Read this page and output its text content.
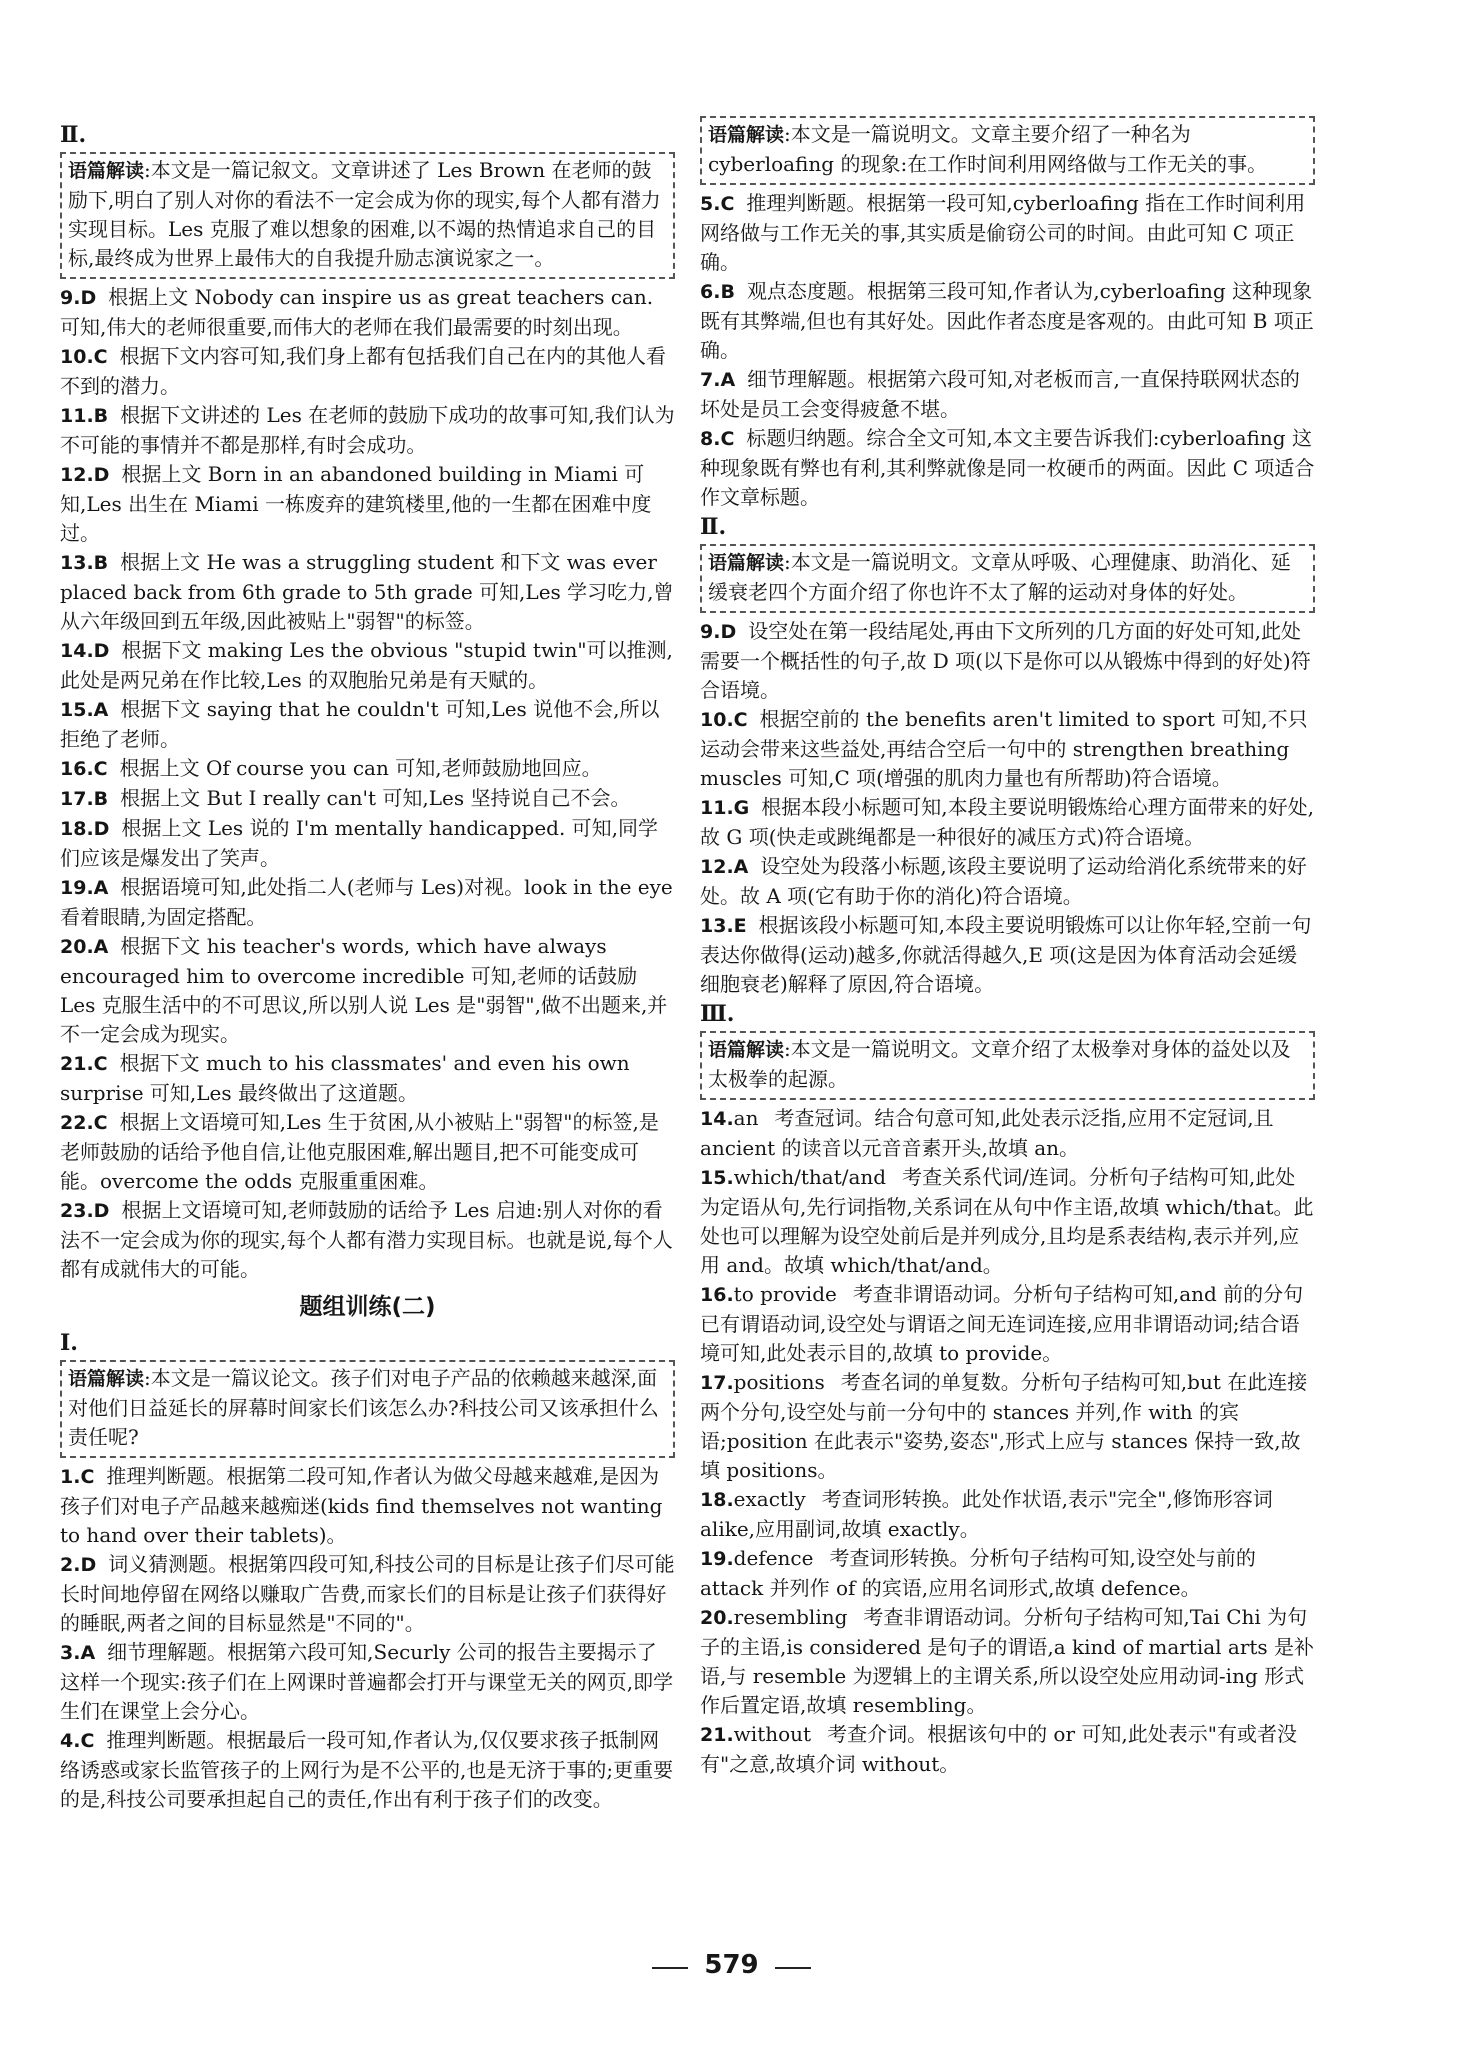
Ⅱ.

语篇解读:本文是一篇记叙文。文章讲述了 Les Brown 在老师的鼓励下,明白了别人对你的看法不一定会成为你的现实,每个人都有潜力实现目标。Les 克服了难以想象的困难,以不竭的热情追求自己的目标,最终成为世界上最伟大的自我提升励志演说家之一。

9.D 根据上文 Nobody can inspire us as great teachers can. 可知,伟大的老师很重要,而伟大的老师在我们最需要的时刻出现。

10.C 根据下文内容可知,我们身上都有包括我们自己在内的其他人看不到的潜力。

11.B 根据下文讲述的 Les 在老师的鼓励下成功的故事可知,我们认为不可能的事情并不都是那样,有时会成功。

12.D 根据上文 Born in an abandoned building in Miami 可知,Les 出生在 Miami 一栋废弃的建筑楼里,他的一生都在困难中度过。

13.B 根据上文 He was a struggling student 和下文 was ever placed back from 6th grade to 5th grade 可知,Les 学习吃力,曾从六年级回到五年级,因此被贴上"弱智"的标签。

14.D 根据下文 making Les the obvious "stupid twin"可以推测,此处是两兄弟在作比较,Les 的双胞胎兄弟是有天赋的。

15.A 根据下文 saying that he couldn't 可知,Les 说他不会,所以拒绝了老师。

16.C 根据上文 Of course you can 可知,老师鼓励地回应。

17.B 根据上文 But I really can't 可知,Les 坚持说自己不会。

18.D 根据上文 Les 说的 I'm mentally handicapped. 可知,同学们应该是爆发出了笑声。

19.A 根据语境可知,此处指二人(老师与 Les)对视。look in the eye 看着眼睛,为固定搭配。

20.A 根据下文 his teacher's words, which have always encouraged him to overcome incredible 可知,老师的话鼓励 Les 克服生活中的不可思议,所以别人说 Les 是"弱智",做不出题来,并不一定会成为现实。

21.C 根据下文 much to his classmates' and even his own surprise 可知,Les 最终做出了这道题。

22.C 根据上文语境可知,Les 生于贫困,从小被贴上"弱智"的标签,是老师鼓励的话给予他自信,让他克服困难,解出题目,把不可能变成可能。overcome the odds 克服重重困难。

23.D 根据上文语境可知,老师鼓励的话给予 Les 启迪:别人对你的看法不一定会成为你的现实,每个人都有潜力实现目标。也就是说,每个人都有成就伟大的可能。

题组训练(二)

Ⅰ.

语篇解读:本文是一篇议论文。孩子们对电子产品的依赖越来越深,面对他们日益延长的屏幕时间家长们该怎么办?科技公司又该承担什么责任呢?

1.C 推理判断题。根据第二段可知,作者认为做父母越来越难,是因为孩子们对电子产品越来越痴迷(kids find themselves not wanting to hand over their tablets)。

2.D 词义猜测题。根据第四段可知,科技公司的目标是让孩子们尽可能长时间地停留在网络以赚取广告费,而家长们的目标是让孩子们获得好的睡眠,两者之间的目标显然是"不同的"。

3.A 细节理解题。根据第六段可知,Securly 公司的报告主要揭示了这样一个现实:孩子们在上网课时普遍都会打开与课堂无关的网页,即学生们在课堂上会分心。

4.C 推理判断题。根据最后一段可知,作者认为,仅仅要求孩子抵制网络诱惑或家长监管孩子的上网行为是不公平的,也是无济于事的;更重要的是,科技公司要承担起自己的责任,作出有利于孩子们的改变。

语篇解读:本文是一篇说明文。文章主要介绍了一种名为 cyberloafing 的现象:在工作时间利用网络做与工作无关的事。

5.C 推理判断题。根据第一段可知,cyberloafing 指在工作时间利用网络做与工作无关的事,其实质是偷窃公司的时间。由此可知 C 项正确。

6.B 观点态度题。根据第三段可知,作者认为,cyberloafing 这种现象既有其弊端,但也有其好处。因此作者态度是客观的。由此可知 B 项正确。

7.A 细节理解题。根据第六段可知,对老板而言,一直保持联网状态的坏处是员工会变得疲惫不堪。

8.C 标题归纳题。综合全文可知,本文主要告诉我们:cyberloafing 这种现象既有弊也有利,其利弊就像是同一枚硬币的两面。因此 C 项适合作文章标题。

Ⅱ.

语篇解读:本文是一篇说明文。文章从呼吸、心理健康、助消化、延缓衰老四个方面介绍了你也许不太了解的运动对身体的好处。

9.D 设空处在第一段结尾处,再由下文所列的几方面的好处可知,此处需要一个概括性的句子,故 D 项(以下是你可以从锻炼中得到的好处)符合语境。

10.C 根据空前的 the benefits aren't limited to sport 可知,不只运动会带来这些益处,再结合空后一句中的 strengthen breathing muscles 可知,C 项(增强的肌肉力量也有所帮助)符合语境。

11.G 根据本段小标题可知,本段主要说明锻炼给心理方面带来的好处,故 G 项(快走或跳绳都是一种很好的减压方式)符合语境。

12.A 设空处为段落小标题,该段主要说明了运动给消化系统带来的好处。故 A 项(它有助于你的消化)符合语境。

13.E 根据该段小标题可知,本段主要说明锻炼可以让你年轻,空前一句表达你做得(运动)越多,你就活得越久,E 项(这是因为体育活动会延缓细胞衰老)解释了原因,符合语境。

Ⅲ.

语篇解读:本文是一篇说明文。文章介绍了太极拳对身体的益处以及太极拳的起源。

14.an 考查冠词。结合句意可知,此处表示泛指,应用不定冠词,且 ancient 的读音以元音音素开头,故填 an。

15.which/that/and 考查关系代词/连词。分析句子结构可知,此处为定语从句,先行词指物,关系词在从句中作主语,故填 which/that。此处也可以理解为设空处前后是并列成分,且均是系表结构,表示并列,应用 and。故填 which/that/and。

16.to provide 考查非谓语动词。分析句子结构可知,and 前的分句已有谓语动词,设空处与谓语之间无连词连接,应用非谓语动词;结合语境可知,此处表示目的,故填 to provide。

17.positions 考查名词的单复数。分析句子结构可知,but 在此连接两个分句,设空处与前一分句中的 stances 并列,作 with 的宾语;position 在此表示"姿势,姿态",形式上应与 stances 保持一致,故填 positions。

18.exactly 考查词形转换。此处作状语,表示"完全",修饰形容词 alike,应用副词,故填 exactly。

19.defence 考查词形转换。分析句子结构可知,设空处与前的 attack 并列作 of 的宾语,应用名词形式,故填 defence。

20.resembling 考查非谓语动词。分析句子结构可知,Tai Chi 为句子的主语,is considered 是句子的谓语,a kind of martial arts 是补语,与 resemble 为逻辑上的主谓关系,所以设空处应用动词-ing 形式作后置定语,故填 resembling。

21.without 考查介词。根据该句中的 or 可知,此处表示"有或者没有"之意,故填介词 without。

579
